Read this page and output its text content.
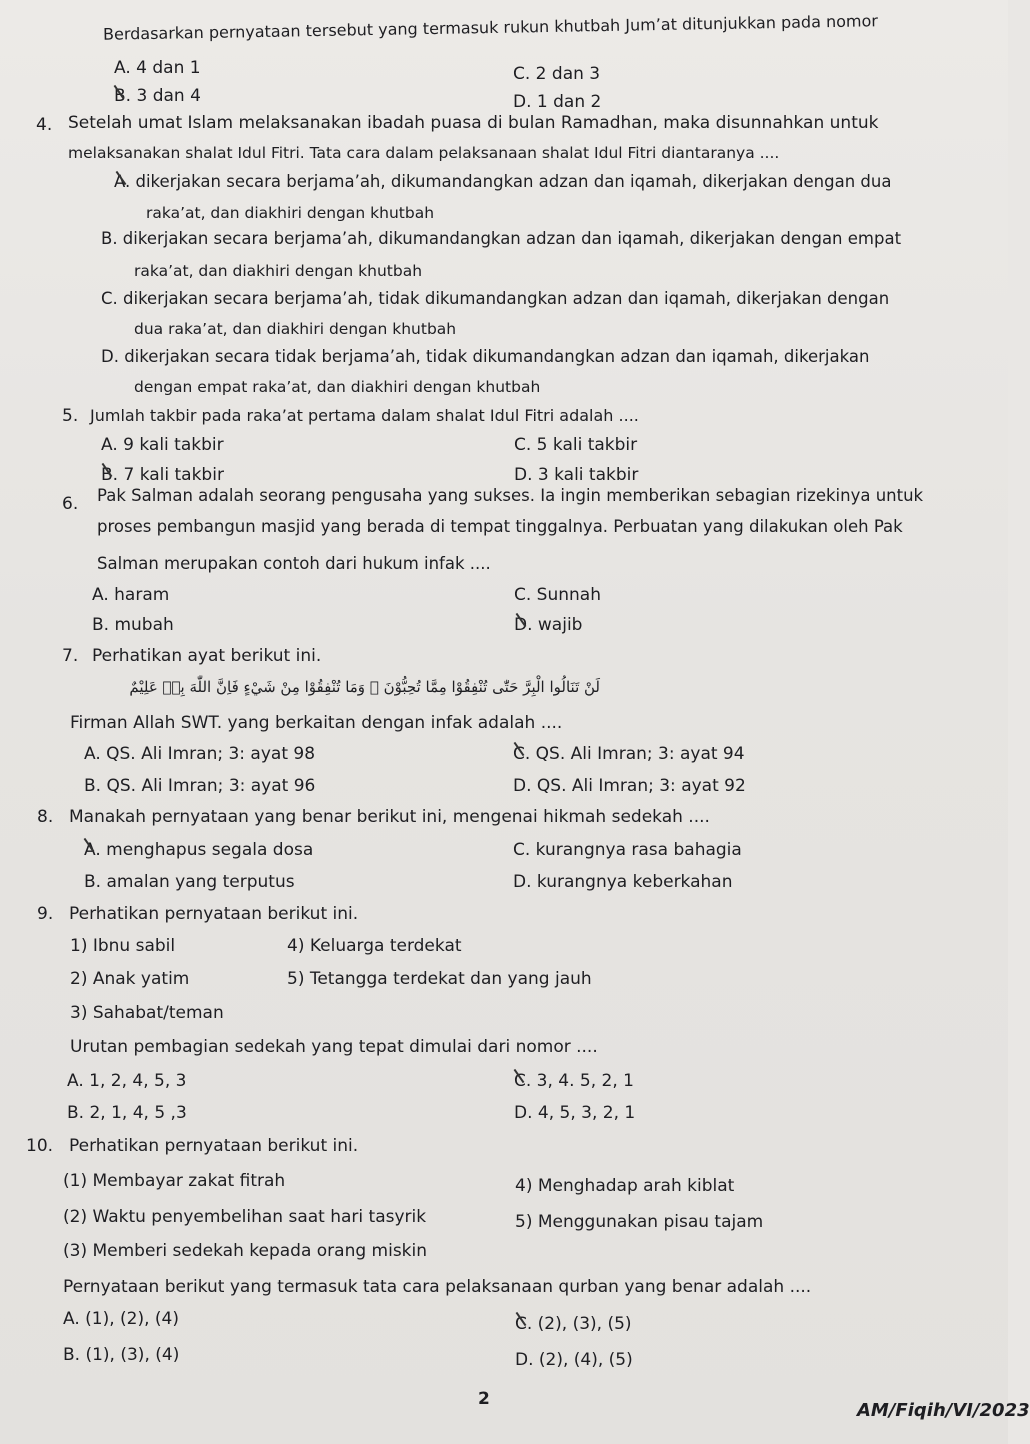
Berdasarkan pernyataan tersebut yang termasuk rukun khutbah Jum’at ditunjukkan pada nomor
A. 4 dan 1
B. 3 dan 4
C. 2 dan 3
D. 1 dan 2
4. Setelah umat Islam melaksanakan ibadah puasa di bulan Ramadhan, maka disunnahkan untuk
melaksanakan shalat Idul Fitri. Tata cara dalam pelaksanaan shalat Idul Fitri diantaranya ....
A. dikerjakan secara berjama’ah, dikumandangkan adzan dan iqamah, dikerjakan dengan dua
raka’at, dan diakhiri dengan khutbah
B. dikerjakan secara berjama’ah, dikumandangkan adzan dan iqamah, dikerjakan dengan empat
raka’at, dan diakhiri dengan khutbah
C. dikerjakan secara berjama’ah, tidak dikumandangkan adzan dan iqamah, dikerjakan dengan
dua raka’at, dan diakhiri dengan khutbah
D. dikerjakan secara tidak berjama’ah, tidak dikumandangkan adzan dan iqamah, dikerjakan
dengan empat raka’at, dan diakhiri dengan khutbah
5. Jumlah takbir pada raka’at pertama dalam shalat Idul Fitri adalah ....
A. 9 kali takbir
B. 7 kali takbir
C. 5 kali takbir
D. 3 kali takbir
6. Pak Salman adalah seorang pengusaha yang sukses. Ia ingin memberikan sebagian rizekinya untuk
proses pembangun masjid yang berada di tempat tinggalnya. Perbuatan yang dilakukan oleh Pak
Salman merupakan contoh dari hukum infak ....
A. haram
B. mubah
C. Sunnah
D. wajib
7. Perhatikan ayat berikut ini.
لَنْ تَنَالُوا الْبِرَّ حَتّٰى تُنْفِقُوْا مِمَّا تُحِبُّوْنَ ۗ وَمَا تُنْفِقُوْا مِنْ شَيْءٍ فَاِنَّ اللّٰهَ بِهٖ عَلِيْمٌ
Firman Allah SWT. yang berkaitan dengan infak adalah ....
A. QS. Ali Imran; 3: ayat 98
B. QS. Ali Imran; 3: ayat 96
C. QS. Ali Imran; 3: ayat 94
D. QS. Ali Imran; 3: ayat 92
8. Manakah pernyataan yang benar berikut ini, mengenai hikmah sedekah ....
A. menghapus segala dosa
B. amalan yang terputus
C. kurangnya rasa bahagia
D. kurangnya keberkahan
9. Perhatikan pernyataan berikut ini.
1) Ibnu sabil
2) Anak yatim
3) Sahabat/teman
4) Keluarga terdekat
5) Tetangga terdekat dan yang jauh
Urutan pembagian sedekah yang tepat dimulai dari nomor ....
A. 1, 2, 4, 5, 3
B. 2, 1, 4, 5 ,3
C. 3, 4. 5, 2, 1
D. 4, 5, 3, 2, 1
10. Perhatikan pernyataan berikut ini.
(1) Membayar zakat fitrah
(2) Waktu penyembelihan saat hari tasyrik
(3) Memberi sedekah kepada orang miskin
4) Menghadap arah kiblat
5) Menggunakan pisau tajam
Pernyataan berikut yang termasuk tata cara pelaksanaan qurban yang benar adalah ....
A. (1), (2), (4)
B. (1), (3), (4)
C. (2), (3), (5)
D. (2), (4), (5)
2
AM/Fiqih/VI/2023
